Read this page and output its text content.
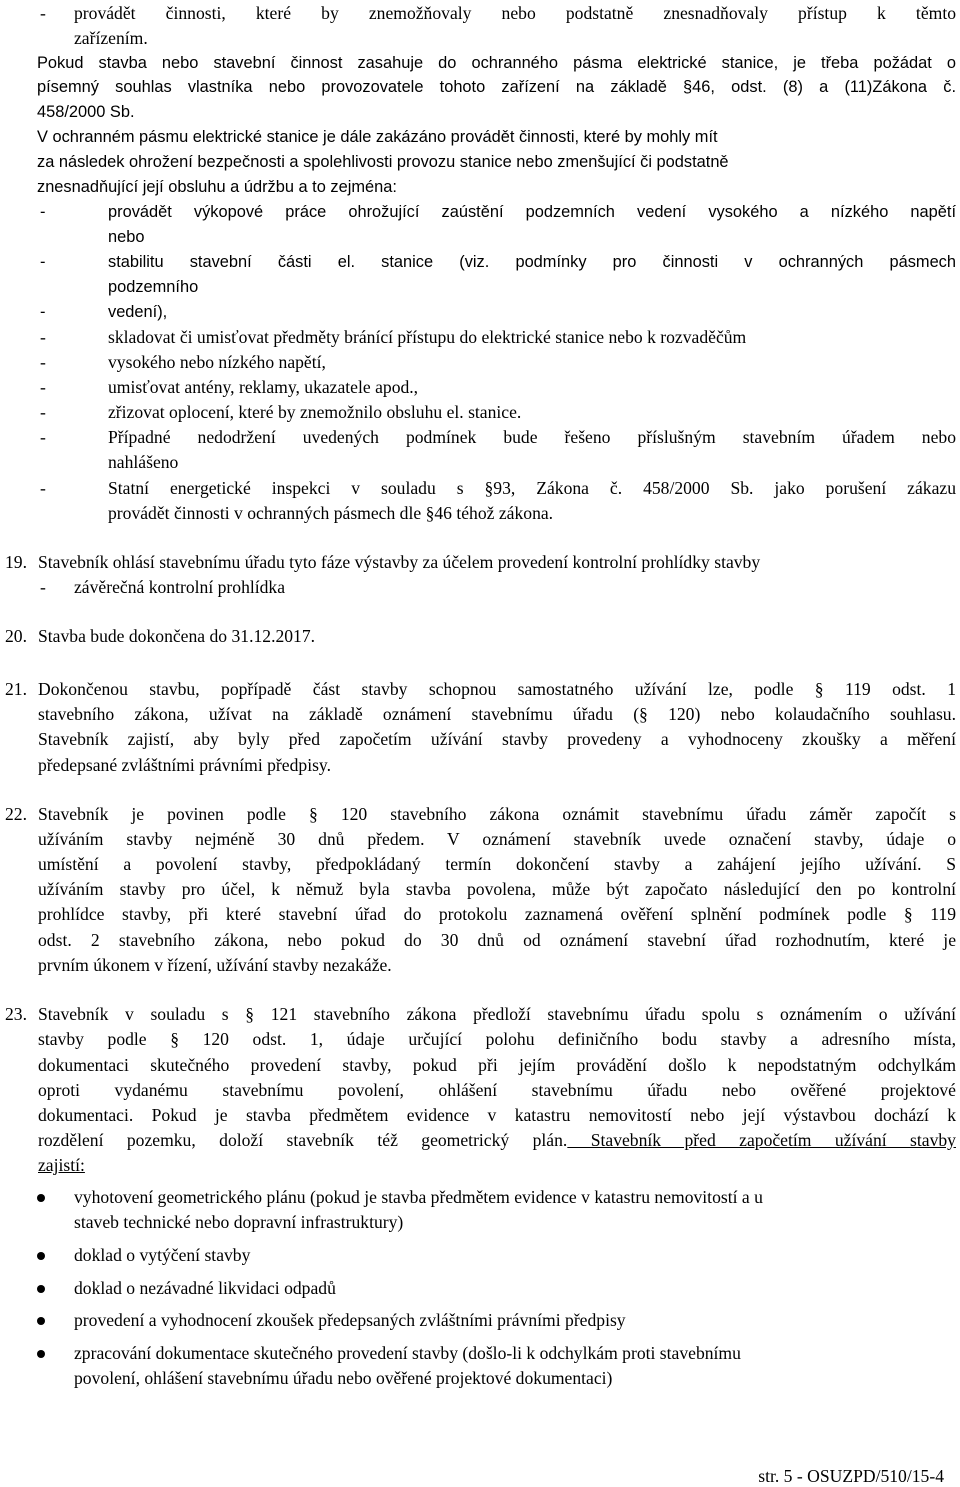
- provádět činnosti, které by znemožňovaly nebo podstatně znesnadňovaly přístup k těmto
zařízením.
Pokud stavba nebo stavební činnost zasahuje do ochranného pásma elektrické stanice, je třeba požádat o
písemný souhlas vlastníka nebo provozovatele tohoto zařízení na základě §46, odst. (8) a (11)Zákona č.
458/2000 Sb.
V ochranném pásmu elektrické stanice je dále zakázáno provádět činnosti, které by mohly mít
za následek ohrožení bezpečnosti a spolehlivosti provozu stanice nebo zmenšující či podstatně
znesnadňující její obsluhu a údržbu a to zejména:
-	provádět výkopové práce ohrožující zaústění podzemních vedení vysokého a nízkého napětí
nebo
-	stabilitu stavební části el. stanice (viz. podmínky pro činnosti v ochranných pásmech
podzemního
-	vedení),
-	skladovat či umisťovat předměty bránící přístupu do elektrické stanice nebo k rozvaděčům
-	vysokého nebo nízkého napětí,
-	umisťovat antény, reklamy, ukazatele apod.,
-	zřizovat oplocení, které by znemožnilo obsluhu el. stanice.
-	Případné nedodržení uvedených podmínek bude řešeno příslušným stavebním úřadem nebo
nahlášeno
-	Statní energetické inspekci v souladu s §93, Zákona č. 458/2000 Sb. jako porušení zákazu
provádět činnosti v ochranných pásmech dle §46 téhož zákona.
19. Stavebník ohlásí stavebnímu úřadu tyto fáze výstavby za účelem provedení kontrolní prohlídky stavby
- závěrečná kontrolní prohlídka
20. Stavba bude dokončena do 31.12.2017.
21. Dokončenou stavbu, popřípadě část stavby schopnou samostatného užívání lze, podle § 119 odst. 1
stavebního zákona, užívat na základě oznámení stavebnímu úřadu (§ 120) nebo kolaudačního souhlasu.
Stavebník zajistí, aby byly před započetím užívání stavby provedeny a vyhodnoceny zkoušky a měření
předepsané zvláštními právními předpisy.
22. Stavebník je povinen podle § 120 stavebního zákona oznámit stavebnímu úřadu záměr započít s
užíváním stavby nejméně 30 dnů předem. V oznámení stavebník uvede označení stavby, údaje o
umístění a povolení stavby, předpokládaný termín dokončení stavby a zahájení jejího užívání. S
užíváním stavby pro účel, k němuž byla stavba povolena, může být započato následující den po kontrolní
prohlídce stavby, při které stavební úřad do protokolu zaznamená ověření splnění podmínek podle § 119
odst. 2 stavebního zákona, nebo pokud do 30 dnů od oznámení stavební úřad rozhodnutím, které je
prvním úkonem v řízení, užívání stavby nezakáže.
23. Stavebník v souladu s § 121 stavebního zákona předloží stavebnímu úřadu spolu s oznámením o užívání
stavby podle § 120 odst. 1, údaje určující polohu definičního bodu stavby a adresního místa,
dokumentaci skutečného provedení stavby, pokud při jejím provádění došlo k nepodstatným odchylkám
oproti vydanému stavebnímu povolení, ohlášení stavebnímu úřadu nebo ověřené projektové
dokumentaci. Pokud je stavba předmětem evidence v katastru nemovitostí nebo její výstavbou dochází k
rozdělení pozemku, doloží stavebník též geometrický plán. Stavebník před započetím užívání stavby
zajistí:
vyhotovení geometrického plánu (pokud je stavba předmětem evidence v katastru nemovitostí a u
staveb technické nebo dopravní infrastruktury)
doklad o vytýčení stavby
doklad o nezávadné likvidaci odpadů
provedení a vyhodnocení zkoušek předepsaných zvláštními právními předpisy
zpracování dokumentace skutečného provedení stavby (došlo-li k odchylkám proti stavebnímu
povolení, ohlášení stavebnímu úřadu nebo ověřené projektové dokumentaci)
str. 5 - OSUZPD/510/15-4
